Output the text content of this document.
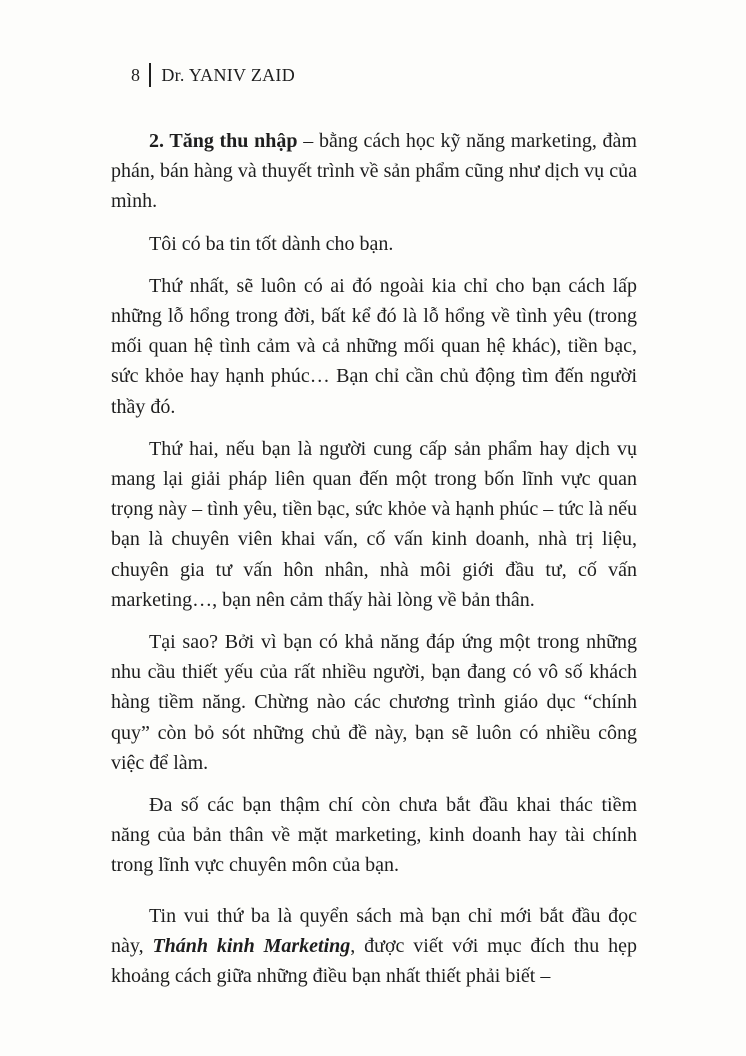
8 Dr. YANIV ZAID

2. Tăng thu nhập – bằng cách học kỹ năng marketing, đàm phán, bán hàng và thuyết trình về sản phẩm cũng như dịch vụ của mình.

Tôi có ba tin tốt dành cho bạn.

Thứ nhất, sẽ luôn có ai đó ngoài kia chỉ cho bạn cách lấp những lỗ hổng trong đời, bất kể đó là lỗ hổng về tình yêu (trong mối quan hệ tình cảm và cả những mối quan hệ khác), tiền bạc, sức khỏe hay hạnh phúc… Bạn chỉ cần chủ động tìm đến người thầy đó.

Thứ hai, nếu bạn là người cung cấp sản phẩm hay dịch vụ mang lại giải pháp liên quan đến một trong bốn lĩnh vực quan trọng này – tình yêu, tiền bạc, sức khỏe và hạnh phúc – tức là nếu bạn là chuyên viên khai vấn, cố vấn kinh doanh, nhà trị liệu, chuyên gia tư vấn hôn nhân, nhà môi giới đầu tư, cố vấn marketing…, bạn nên cảm thấy hài lòng về bản thân.

Tại sao? Bởi vì bạn có khả năng đáp ứng một trong những nhu cầu thiết yếu của rất nhiều người, bạn đang có vô số khách hàng tiềm năng. Chừng nào các chương trình giáo dục “chính quy” còn bỏ sót những chủ đề này, bạn sẽ luôn có nhiều công việc để làm.

Đa số các bạn thậm chí còn chưa bắt đầu khai thác tiềm năng của bản thân về mặt marketing, kinh doanh hay tài chính trong lĩnh vực chuyên môn của bạn.

Tin vui thứ ba là quyển sách mà bạn chỉ mới bắt đầu đọc này, Thánh kinh Marketing, được viết với mục đích thu hẹp khoảng cách giữa những điều bạn nhất thiết phải biết –
